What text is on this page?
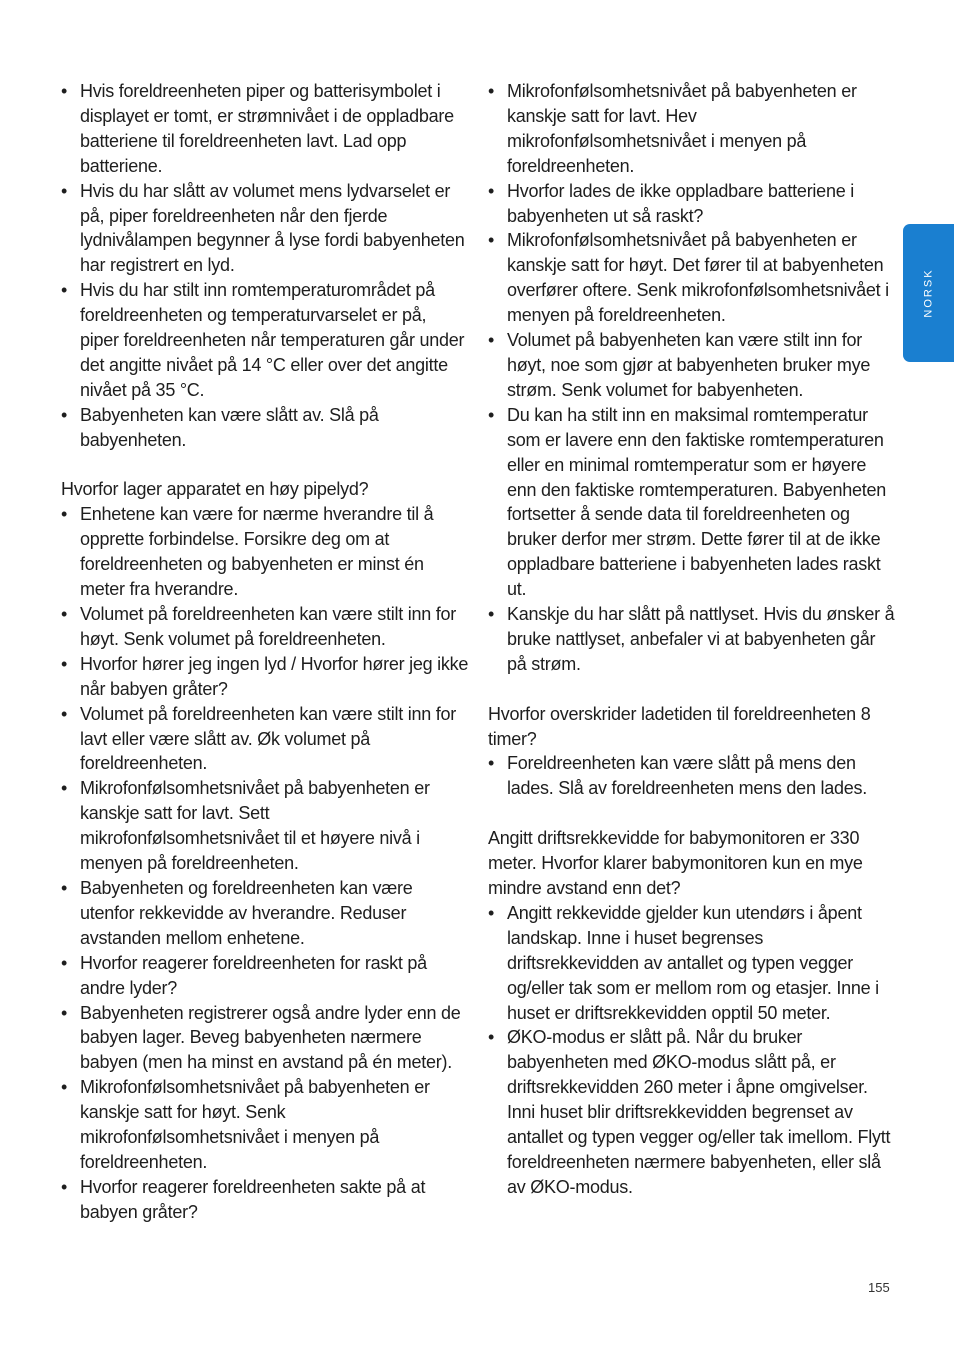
• Hvis foreldreenheten piper og batterisymbolet i displayet er tomt, er strømnivået i de oppladbare batteriene til foreldreenheten lavt. Lad opp batteriene.
• Hvis du har slått av volumet mens lydvarselet er på, piper foreldreenheten når den fjerde lydnivålampen begynner å lyse fordi babyenheten har registrert en lyd.
• Hvis du har stilt inn romtemperaturområdet på foreldreenheten og temperaturvarselet er på, piper foreldreenheten når temperaturen går under det angitte nivået på 14 °C eller over det angitte nivået på 35 °C.
• Babyenheten kan være slått av. Slå på babyenheten.
Hvorfor lager apparatet en høy pipelyd?
• Enhetene kan være for nærme hverandre til å opprette forbindelse. Forsikre deg om at foreldreenheten og babyenheten er minst én meter fra hverandre.
• Volumet på foreldreenheten kan være stilt inn for høyt. Senk volumet på foreldreenheten.
• Hvorfor hører jeg ingen lyd / Hvorfor hører jeg ikke når babyen gråter?
• Volumet på foreldreenheten kan være stilt inn for lavt eller være slått av. Øk volumet på foreldreenheten.
• Mikrofonfølsomhetsnivået på babyenheten er kanskje satt for lavt. Sett mikrofonfølsomhetsnivået til et høyere nivå i menyen på foreldreenheten.
• Babyenheten og foreldreenheten kan være utenfor rekkevidde av hverandre. Reduser avstanden mellom enhetene.
• Hvorfor reagerer foreldreenheten for raskt på andre lyder?
• Babyenheten registrerer også andre lyder enn de babyen lager. Beveg babyenheten nærmere babyen (men ha minst en avstand på én meter).
• Mikrofonfølsomhetsnivået på babyenheten er kanskje satt for høyt. Senk mikrofonfølsomhetsnivået i menyen på foreldreenheten.
• Hvorfor reagerer foreldreenheten sakte på at babyen gråter?
• Mikrofonfølsomhetsnivået på babyenheten er kanskje satt for lavt. Hev mikrofonfølsomhetsnivået i menyen på foreldreenheten.
• Hvorfor lades de ikke oppladbare batteriene i babyenheten ut så raskt?
• Mikrofonfølsomhetsnivået på babyenheten er kanskje satt for høyt. Det fører til at babyenheten overfører oftere. Senk mikrofonfølsomhetsnivået i menyen på foreldreenheten.
• Volumet på babyenheten kan være stilt inn for høyt, noe som gjør at babyenheten bruker mye strøm. Senk volumet for babyenheten.
• Du kan ha stilt inn en maksimal romtemperatur som er lavere enn den faktiske romtemperaturen eller en minimal romtemperatur som er høyere enn den faktiske romtemperaturen. Babyenheten fortsetter å sende data til foreldreenheten og bruker derfor mer strøm. Dette fører til at de ikke oppladbare batteriene i babyenheten lades raskt ut.
• Kanskje du har slått på nattlyset. Hvis du ønsker å bruke nattlyset, anbefaler vi at babyenheten går på strøm.
Hvorfor overskrider ladetiden til foreldreenheten 8 timer?
• Foreldreenheten kan være slått på mens den lades. Slå av foreldreenheten mens den lades.
Angitt driftsrekkevidde for babymonitoren er 330 meter. Hvorfor klarer babymonitoren kun en mye mindre avstand enn det?
• Angitt rekkevidde gjelder kun utendørs i åpent landskap. Inne i huset begrenses driftsrekkevidden av antallet og typen vegger og/eller tak som er mellom rom og etasjer. Inne i huset er driftsrekkevidden opptil 50 meter.
• ØKO-modus er slått på. Når du bruker babyenheten med ØKO-modus slått på, er driftsrekkevidden 260 meter i åpne omgivelser. Inni huset blir driftsrekkevidden begrenset av antallet og typen vegger og/eller tak imellom. Flytt foreldreenheten nærmere babyenheten, eller slå av ØKO-modus.
NORSK
155
